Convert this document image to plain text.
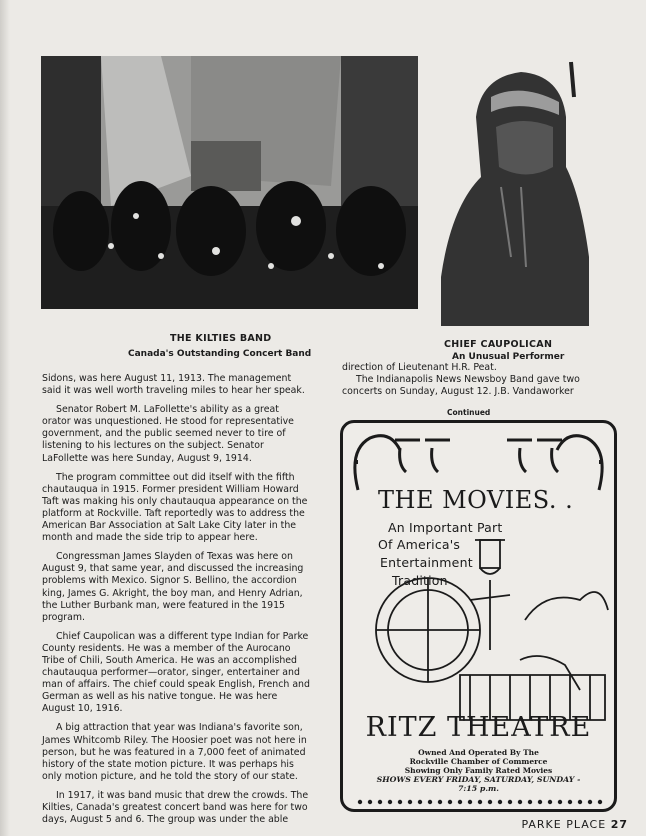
THE KILTIES BAND
Canada's Outstanding Concert Band
CHIEF CAUPOLICAN
An Unusual Performer

Sidons, was here August 11, 1913. The management said it was well worth traveling miles to hear her speak.

Senator Robert M. LaFollette's ability as a great orator was unquestioned. He stood for representative government, and the public seemed never to tire of listening to his lectures on the subject. Senator LaFollette was here Sunday, August 9, 1914.

The program committee out did itself with the fifth chautauqua in 1915. Former president William Howard Taft was making his only chautauqua appearance on the platform at Rockville. Taft reportedly was to address the American Bar Association at Salt Lake City later in the month and made the side trip to appear here.

Congressman James Slayden of Texas was here on August 9, that same year, and discussed the increasing problems with Mexico. Signor S. Bellino, the accordion king, James G. Akright, the boy man, and Henry Adrian, the Luther Burbank man, were featured in the 1915 program.

Chief Caupolican was a different type Indian for Parke County residents. He was a member of the Aurocano Tribe of Chili, South America. He was an accomplished chautauqua performer—orator, singer, entertainer and man of affairs. The chief could speak English, French and German as well as his native tongue. He was here August 10, 1916.

A big attraction that year was Indiana's favorite son, James Whitcomb Riley. The Hoosier poet was not here in person, but he was featured in a 7,000 feet of animated history of the state motion picture. It was perhaps his only motion picture, and he told the story of our state.

In 1917, it was band music that drew the crowds. The Kilties, Canada's greatest concert band was here for two days, August 5 and 6. The group was under the able

direction of Lieutenant H.R. Peat.

The Indianapolis News Newsboy Band gave two concerts on Sunday, August 12. J.B. Vandaworker

Continued
THE MOVIES. .
An Important Part
Of America's
Entertainment
Tradition
RITZ THEATRE
Owned And Operated By The
Rockville Chamber of Commerce
Showing Only Family Rated Movies
SHOWS EVERY FRIDAY, SATURDAY, SUNDAY -
7:15 p.m.
PARKE PLACE 27
